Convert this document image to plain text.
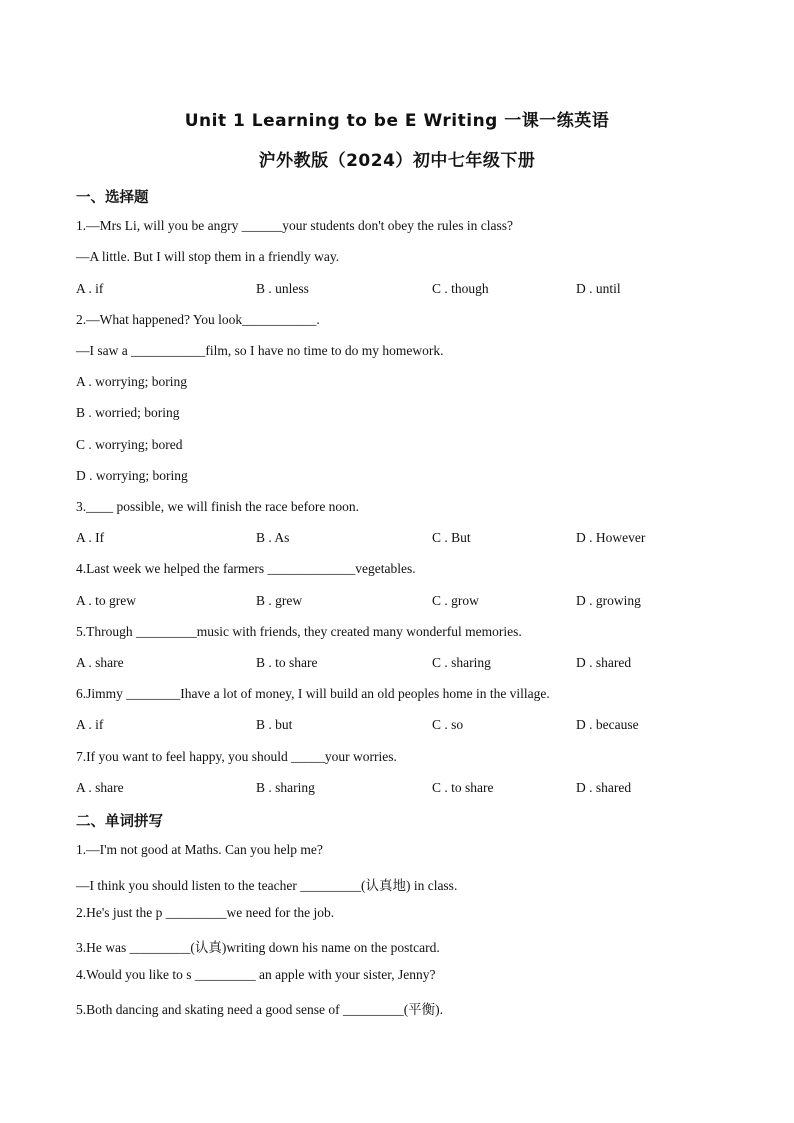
Unit 1 Learning to be E Writing 一课一练英语
沪外教版（2024）初中七年级下册
一、选择题
1.—Mrs Li, will you be angry ______your students don't obey the rules in class?
—A little. But I will stop them in a friendly way.
A . if	B . unless	C . though	D . until
2.—What happened? You look___________.
—I saw a ___________film, so I have no time to do my homework.
A . worrying; boring
B . worried; boring
C . worrying; bored
D . worrying; boring
3.____ possible, we will finish the race before noon.
A . If	B . As	C . But	D . However
4.Last week we helped the farmers _____________vegetables.
A . to grew	B . grew	C . grow	D . growing
5.Through _________music with friends, they created many wonderful memories.
A . share	B . to share	C . sharing	D . shared
6.Jimmy ________Ihave a lot of money, I will build an old peoples home in the village.
A . if	B . but	C . so	D . because
7.If you want to feel happy, you should _____your worries.
A . share	B . sharing	C . to share	D . shared
二、单词拼写
1.—I'm not good at Maths. Can you help me?
—I think you should listen to the teacher _________(认真地) in class.
2.He's just the p _________we need for the job.
3.He was _________(认真)writing down his name on the postcard.
4.Would you like to s _________ an apple with your sister, Jenny?
5.Both dancing and skating need a good sense of _________(平衡).
